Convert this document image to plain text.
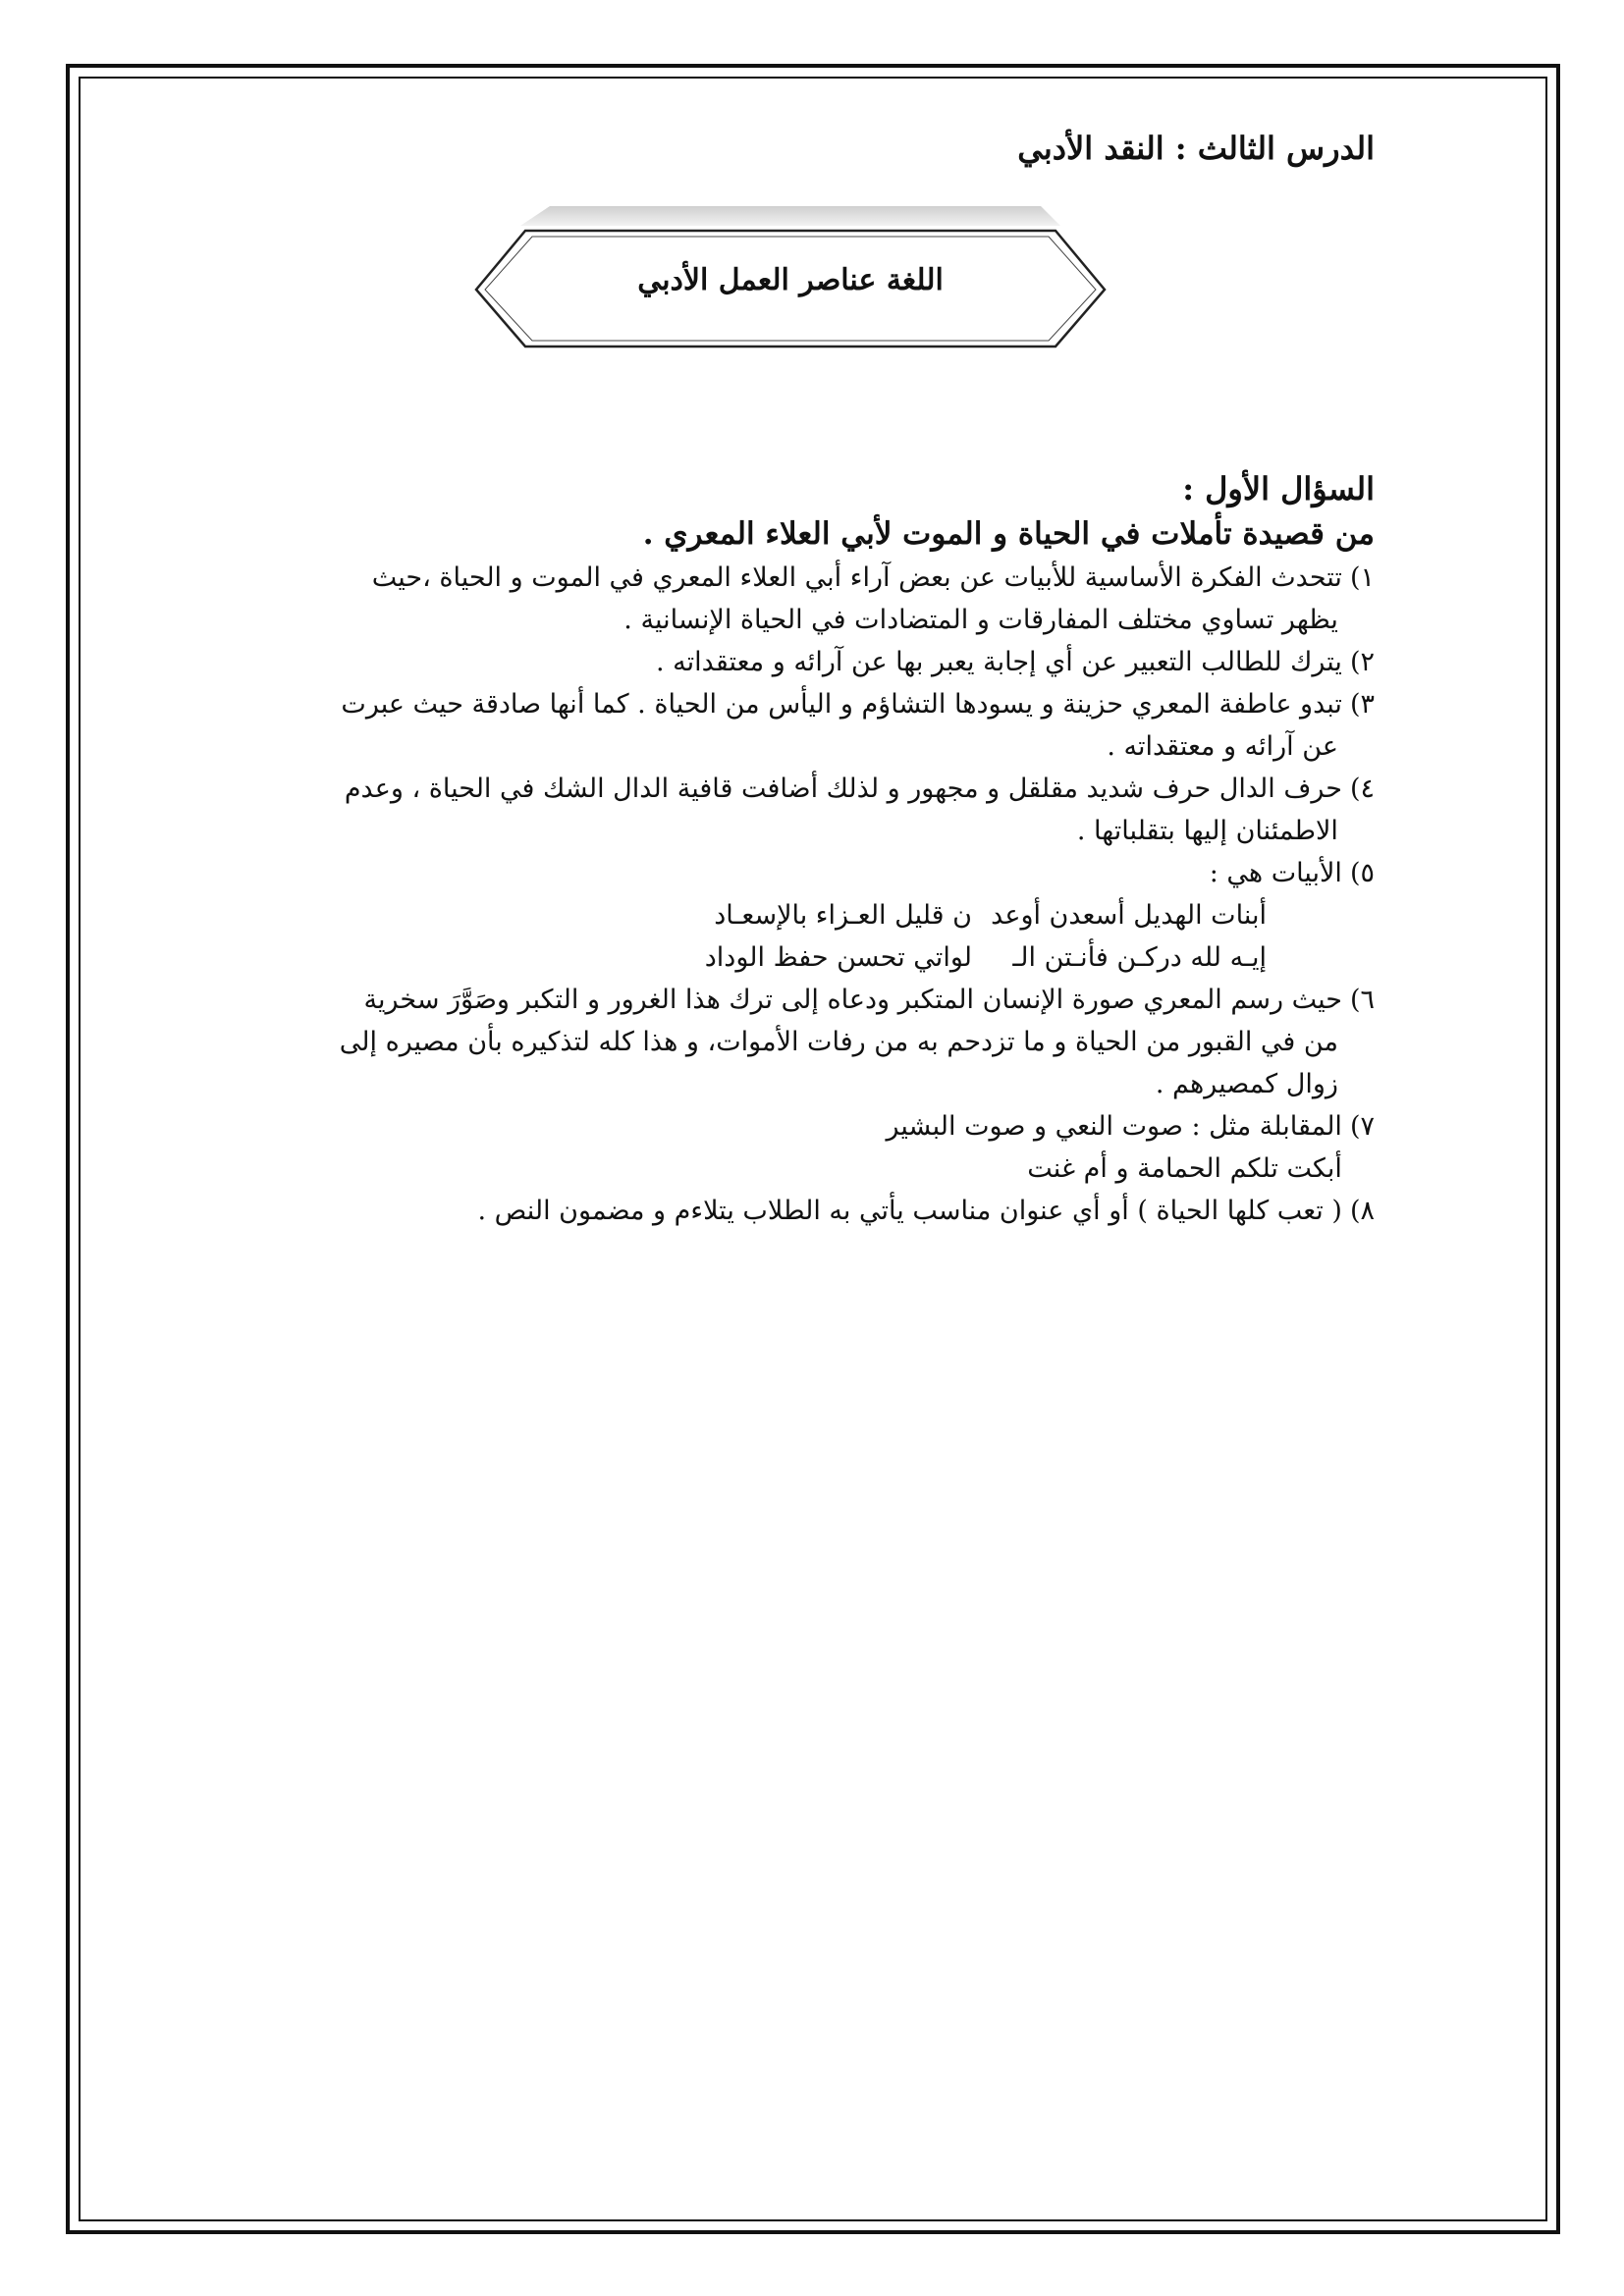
الدرس الثالث : النقد الأدبي
اللغة عناصر العمل الأدبي
السؤال الأول :
من قصيدة تأملات في الحياة و الموت لأبي العلاء المعري .
١)
تتحدث الفكرة الأساسية للأبيات عن بعض آراء أبي العلاء المعري في الموت و الحياة ،حيث
يظهر تساوي مختلف المفارقات و المتضادات في الحياة الإنسانية .
٢)
يترك للطالب التعبير عن أي إجابة يعبر بها عن آرائه و معتقداته .
٣)
تبدو عاطفة المعري حزينة و يسودها التشاؤم و اليأس من الحياة . كما أنها صادقة حيث عبرت
عن آرائه و معتقداته .
٤)
حرف الدال حرف شديد مقلقل و مجهور و لذلك أضافت قافية الدال الشك في الحياة ، وعدم
الاطمئنان إليها بتقلباتها .
٥)
الأبيات هي :
أبنات الهديل أسعدن أوعد
ن قليل العـزاء بالإسعـاد
إيـه لله دركـن فأنـتن الـ
لواتي تحسن حفظ الوداد
٦)
حيث رسم المعري صورة الإنسان المتكبر ودعاه إلى ترك هذا الغرور و التكبر وصَوَّرَ سخرية
من في القبور من الحياة و ما تزدحم به من رفات الأموات، و هذا كله لتذكيره بأن مصيره إلى
زوال كمصيرهم .
٧)
المقابلة مثل : صوت النعي و صوت البشير
أبكت تلكم الحمامة و أم غنت
٨)
( تعب كلها الحياة ) أو أي عنوان مناسب يأتي به الطلاب يتلاءم و مضمون النص .
